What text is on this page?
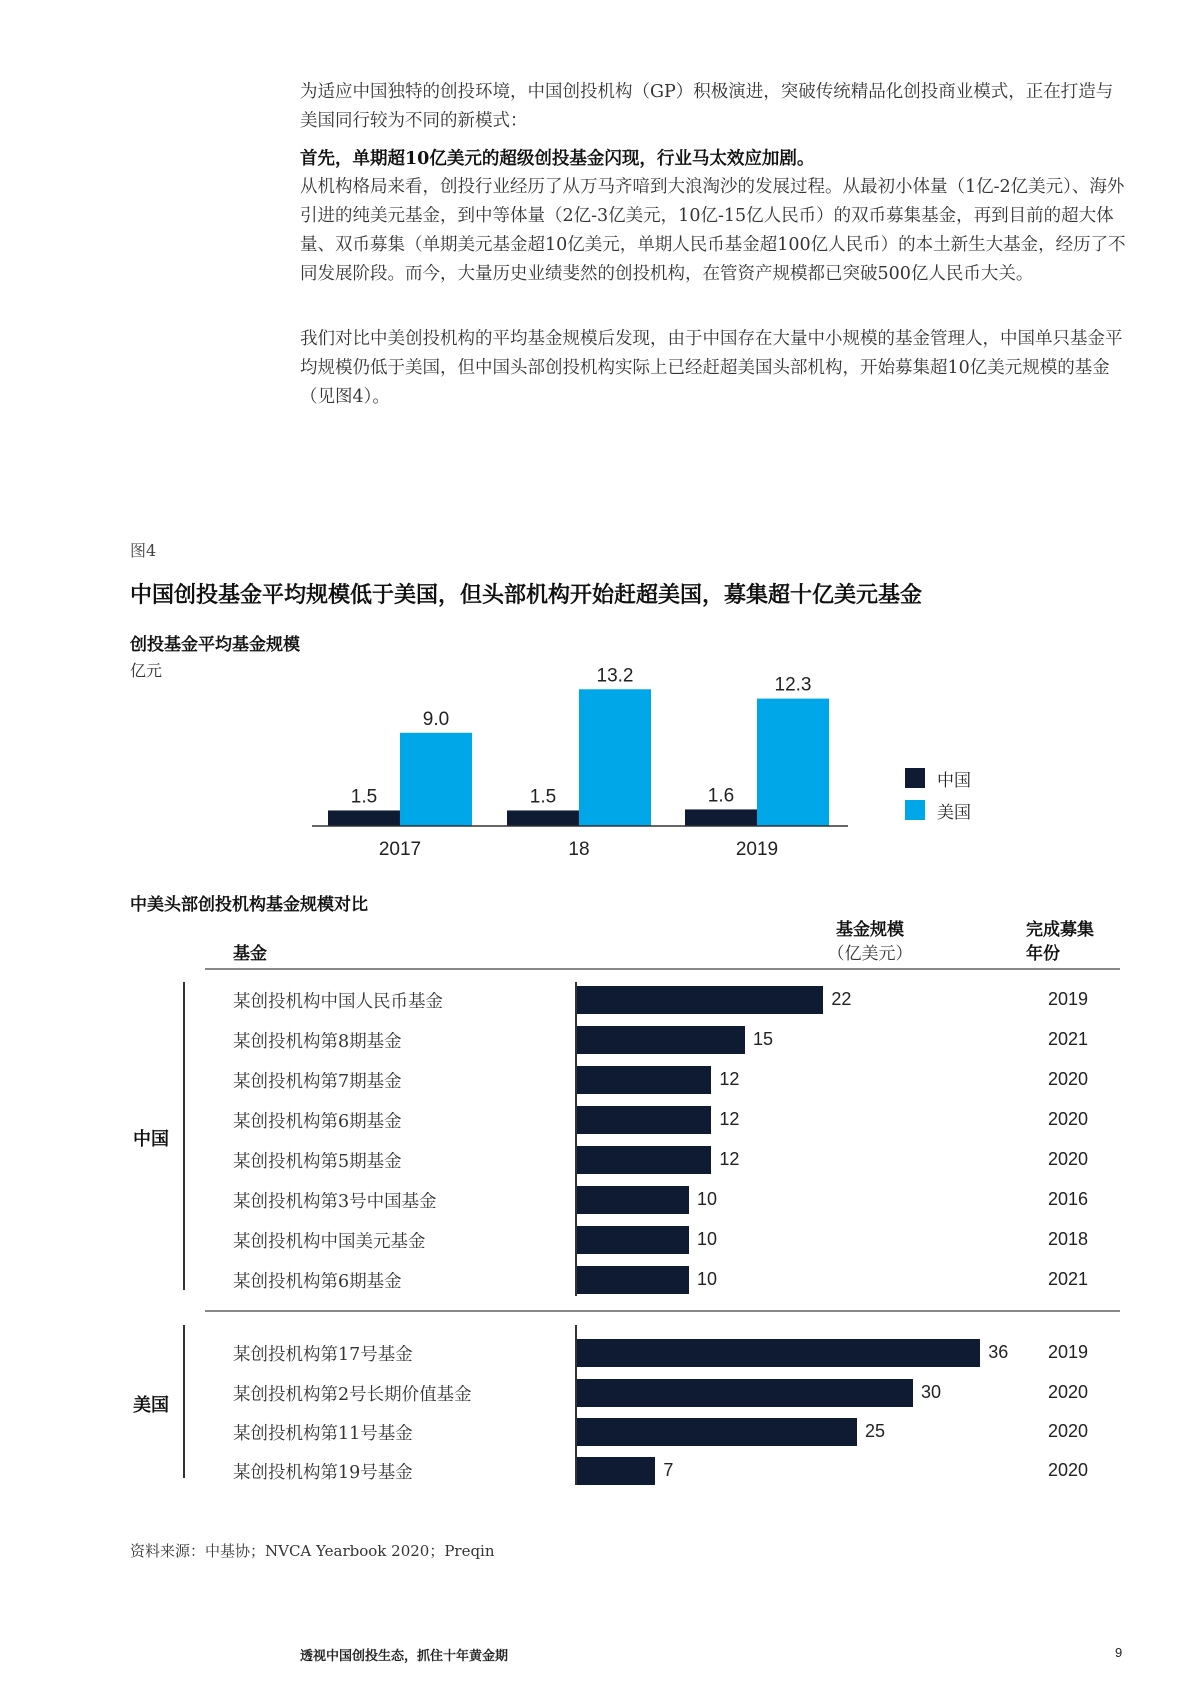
为适应中国独特的创投环境，中国创投机构（GP）积极演进，突破传统精品化创投商业模式，正在打造与美国同行较为不同的新模式：

首先，单期超10亿美元的超级创投基金闪现，行业马太效应加剧。

从机构格局来看，创投行业经历了从万马齐喑到大浪淘沙的发展过程。从最初小体量（1亿-2亿美元）、海外引进的纯美元基金，到中等体量（2亿-3亿美元，10亿-15亿人民币）的双币募集基金，再到目前的超大体量、双币募集（单期美元基金超10亿美元，单期人民币基金超100亿人民币）的本土新生大基金，经历了不同发展阶段。而今，大量历史业绩斐然的创投机构，在管资产规模都已突破500亿人民币大关。

我们对比中美创投机构的平均基金规模后发现，由于中国存在大量中小规模的基金管理人，中国单只基金平均规模仍低于美国，但中国头部创投机构实际上已经赶超美国头部机构，开始募集超10亿美元规模的基金（见图4）。

图4
中国创投基金平均规模低于美国，但头部机构开始赶超美国，募集超十亿美元基金
创投基金平均基金规模
亿元
1.5
9.0
2017
1.5
13.2
18
1.6
12.3
2019
中国
美国
中美头部创投机构基金规模对比
基金
基金规模
（亿美元）
完成募集
年份
中国
美国
某创投机构中国人民币基金	22	2019
某创投机构第8期基金	15	2021
某创投机构第7期基金	12	2020
某创投机构第6期基金	12	2020
某创投机构第5期基金	12	2020
某创投机构第3号中国基金	10	2016
某创投机构中国美元基金	10	2018
某创投机构第6期基金	10	2021
某创投机构第17号基金	36 2019
某创投机构第2号长期价值基金	30	2020
某创投机构第11号基金	25	2020
某创投机构第19号基金	7	2020
资料来源：中基协；NVCA Yearbook 2020；Preqin
透视中国创投生态，抓住十年黄金期	9
